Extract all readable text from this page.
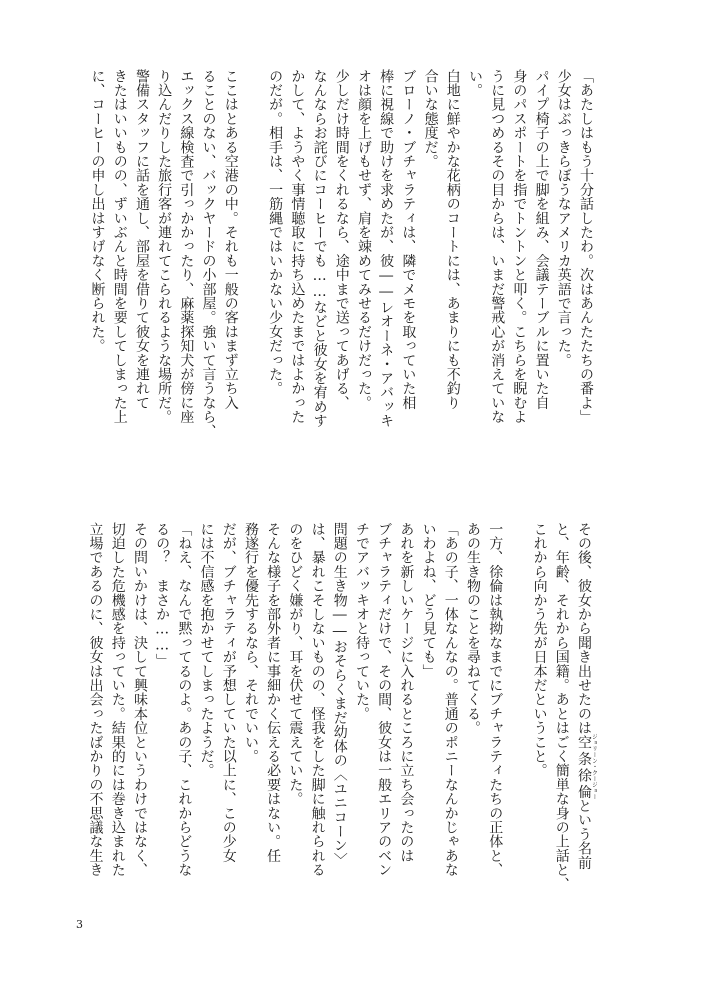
「あたしはもう十分話したわ。次はあんたたちの番よ」

少女はぶっきらぼうなアメリカ英語で言った。

パイプ椅子の上で脚を組み、会議テーブルに置いた自

身のパスポートを指でトントンと叩く。こちらを睨むよ

うに見つめるその目からは、いまだ警戒心が消えていな

い。

白地に鮮やかな花柄のコートには、あまりにも不釣り

合いな態度だ。

ブローノ・ブチャラティは、隣でメモを取っていた相

棒に視線で助けを求めたが、彼――レオーネ・アバッキ

オは顔を上げもせず、肩を竦めてみせるだけだった。

少しだけ時間をくれるなら、途中まで送ってあげる、

なんならお詫びにコーヒーでも……などと彼女を宥めす

かして、ようやく事情聴取に持ち込めたまではよかった

のだが。相手は、一筋縄ではいかない少女だった。

ここはとある空港の中。それも一般の客はまず立ち入

ることのない、バックヤードの小部屋。強いて言うなら、

エックス線検査で引っかかったり、麻薬探知犬が傍に座

り込んだりした旅行客が連れてこられるような場所だ。

警備スタッフに話を通し、部屋を借りて彼女を連れて

きたはいいものの、ずいぶんと時間を要してしまった上

に、コーヒーの申し出はすげなく断られた。

その後、彼女から聞き出せたのは空条徐倫ジョリーン・クージョーという名前

と、年齢、それから国籍。あとはごく簡単な身の上話と、

これから向かう先が日本だということ。

一方、徐倫は執拗なまでにブチャラティたちの正体と、

あの生き物のことを尋ねてくる。

「あの子、一体なんなの。普通のポニーなんかじゃあな

いわよね、どう見ても」

あれを新しいケージに入れるところに立ち会ったのは

ブチャラティだけで、その間、彼女は一般エリアのベン

チでアバッキオと待っていた。

問題の生き物――おそらくまだ幼体の〈ユニコーン〉

は、暴れこそしないものの、怪我をした脚に触れられる

のをひどく嫌がり、耳を伏せて震えていた。

そんな様子を部外者に事細かく伝える必要はない。任

務遂行を優先するなら、それでいい。

だが、ブチャラティが予想していた以上に、この少女

には不信感を抱かせてしまったようだ。

「ねえ、なんで黙ってるのよ。あの子、これからどうな

るの？　まさか……」

その問いかけは、決して興味本位というわけではなく、

切迫した危機感を持っていた。結果的には巻き込まれた

立場であるのに、彼女は出会ったばかりの不思議な生き

3
